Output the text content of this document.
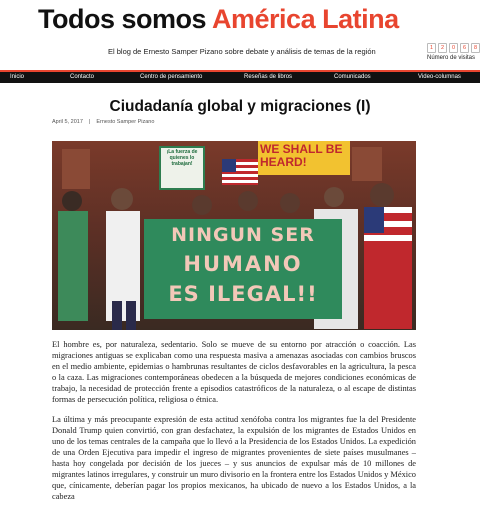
Todos somos América Latina
El blog de Ernesto Samper Pizano sobre debate y análisis de temas de la región	1	2	0	6	8
Número de visitas
Inicio	Contacto	Centro de pensamiento	Reseñas de libros	Comunicados	Video-columnas
Ciudadanía global y migraciones (I)
April 5, 2017 | Ernesto Samper Pizano
¡La fuerza de quienes lo trabajan!
WE SHALL BE HEARD!
NINGUN SER
HUMANO
ES ILEGAL!!

El hombre es, por naturaleza, sedentario. Solo se mueve de su entorno por atracción o coacción. Las migraciones antiguas se explicaban como una respuesta masiva a amenazas asociadas con cambios bruscos en el medio ambiente, epidemias o hambrunas resultantes de ciclos desfavorables en la agricultura, la pesca o la caza. Las migraciones contemporáneas obedecen a la búsqueda de mejores condiciones económicas de trabajo, la necesidad de protección frente a episodios catastróficos de la naturaleza, o al escape de distintas formas de persecución política, religiosa o étnica.

La última y más preocupante expresión de esta actitud xenófoba contra los migrantes fue la del Presidente Donald Trump quien convirtió, con gran desfachatez, la expulsión de los migrantes de Estados Unidos en uno de los temas centrales de la campaña que lo llevó a la Presidencia de los Estados Unidos. La expedición de una Orden Ejecutiva para impedir el ingreso de migrantes provenientes de siete países musulmanes –hasta hoy congelada por decisión de los jueces – y sus anuncios de expulsar más de 10 millones de migrantes latinos irregulares, y construir un muro divisorio en la frontera entre los Estados Unidos y México que, cínicamente, deberían pagar los propios mexicanos, ha ubicado de nuevo a los Estados Unidos, a la cabeza
